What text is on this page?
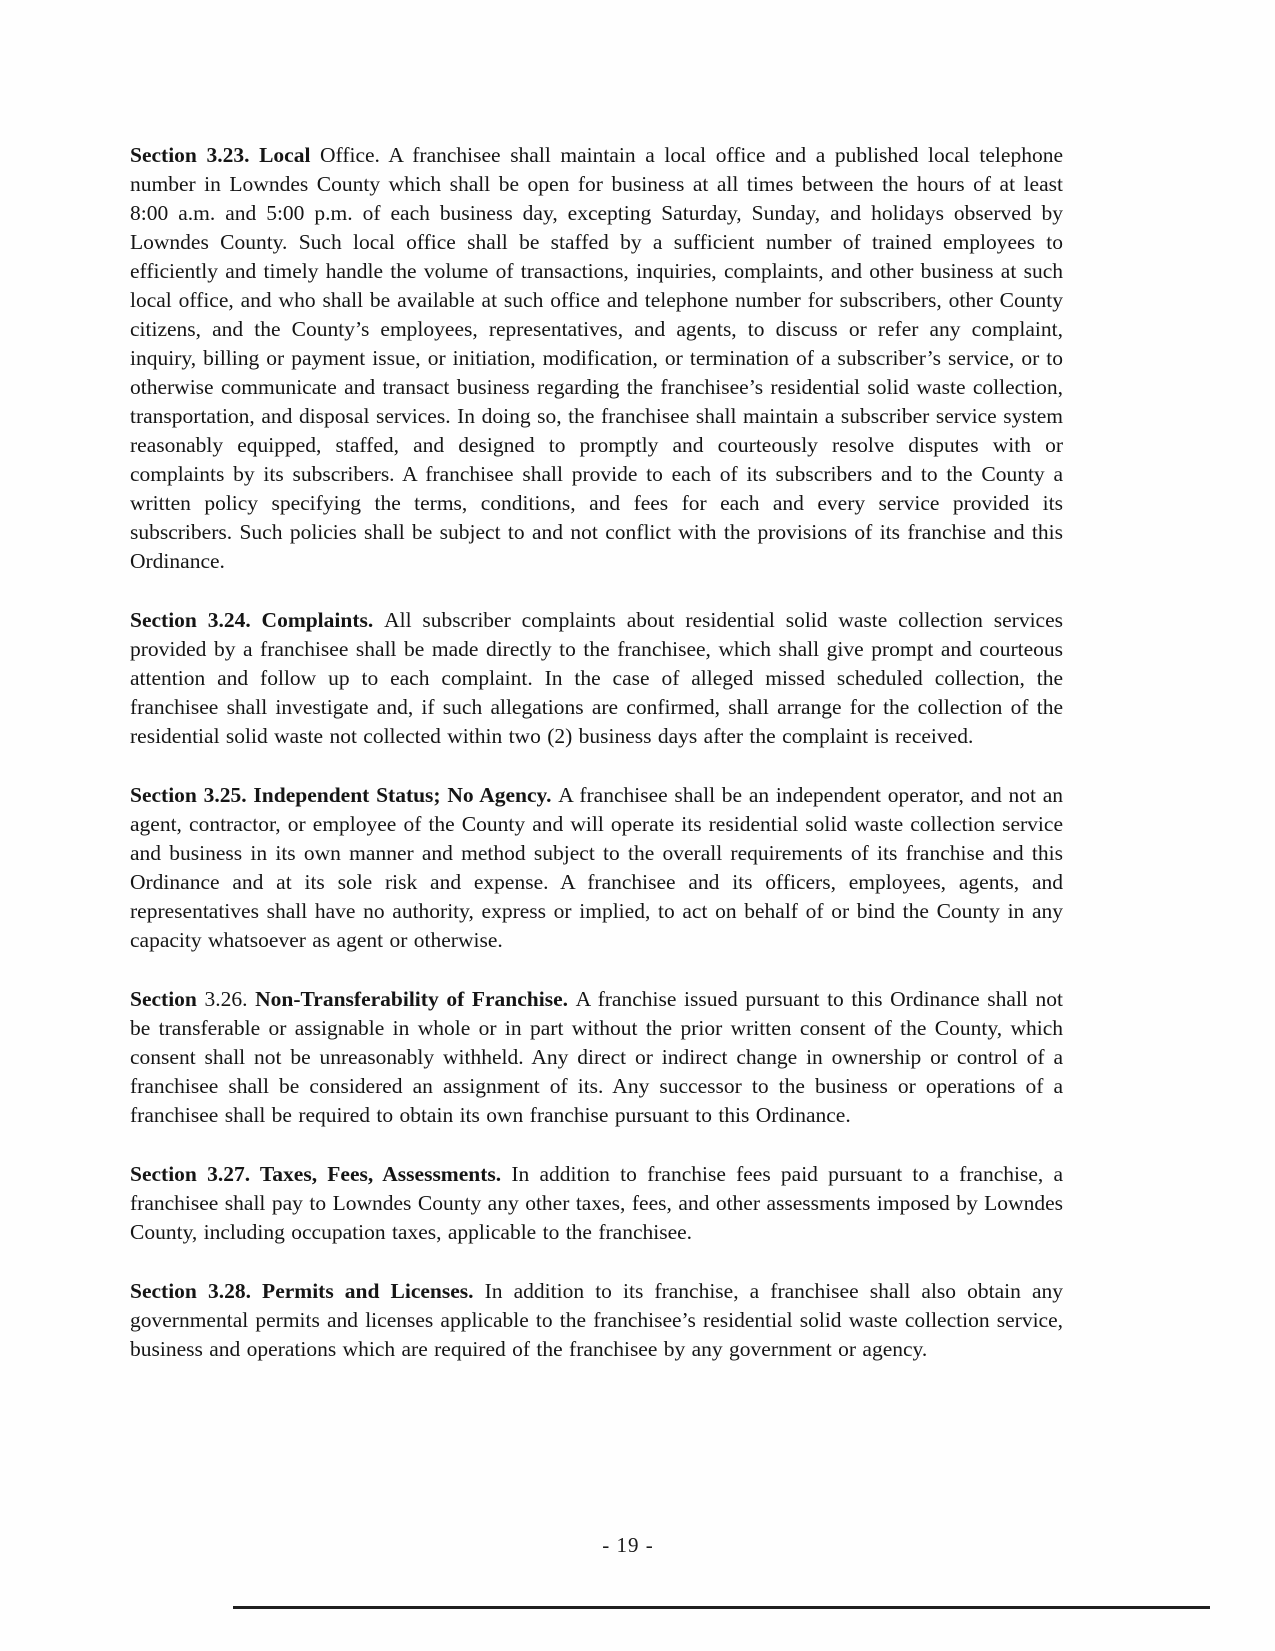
Section 3.23. Local Office. A franchisee shall maintain a local office and a published local telephone number in Lowndes County which shall be open for business at all times between the hours of at least 8:00 a.m. and 5:00 p.m. of each business day, excepting Saturday, Sunday, and holidays observed by Lowndes County. Such local office shall be staffed by a sufficient number of trained employees to efficiently and timely handle the volume of transactions, inquiries, complaints, and other business at such local office, and who shall be available at such office and telephone number for subscribers, other County citizens, and the County’s employees, representatives, and agents, to discuss or refer any complaint, inquiry, billing or payment issue, or initiation, modification, or termination of a subscriber’s service, or to otherwise communicate and transact business regarding the franchisee’s residential solid waste collection, transportation, and disposal services. In doing so, the franchisee shall maintain a subscriber service system reasonably equipped, staffed, and designed to promptly and courteously resolve disputes with or complaints by its subscribers. A franchisee shall provide to each of its subscribers and to the County a written policy specifying the terms, conditions, and fees for each and every service provided its subscribers. Such policies shall be subject to and not conflict with the provisions of its franchise and this Ordinance.

Section 3.24. Complaints. All subscriber complaints about residential solid waste collection services provided by a franchisee shall be made directly to the franchisee, which shall give prompt and courteous attention and follow up to each complaint. In the case of alleged missed scheduled collection, the franchisee shall investigate and, if such allegations are confirmed, shall arrange for the collection of the residential solid waste not collected within two (2) business days after the complaint is received.

Section 3.25. Independent Status; No Agency. A franchisee shall be an independent operator, and not an agent, contractor, or employee of the County and will operate its residential solid waste collection service and business in its own manner and method subject to the overall requirements of its franchise and this Ordinance and at its sole risk and expense. A franchisee and its officers, employees, agents, and representatives shall have no authority, express or implied, to act on behalf of or bind the County in any capacity whatsoever as agent or otherwise.

Section 3.26. Non-Transferability of Franchise. A franchise issued pursuant to this Ordinance shall not be transferable or assignable in whole or in part without the prior written consent of the County, which consent shall not be unreasonably withheld. Any direct or indirect change in ownership or control of a franchisee shall be considered an assignment of its. Any successor to the business or operations of a franchisee shall be required to obtain its own franchise pursuant to this Ordinance.

Section 3.27. Taxes, Fees, Assessments. In addition to franchise fees paid pursuant to a franchise, a franchisee shall pay to Lowndes County any other taxes, fees, and other assessments imposed by Lowndes County, including occupation taxes, applicable to the franchisee.

Section 3.28. Permits and Licenses. In addition to its franchise, a franchisee shall also obtain any governmental permits and licenses applicable to the franchisee’s residential solid waste collection service, business and operations which are required of the franchisee by any government or agency.

- 19 -
